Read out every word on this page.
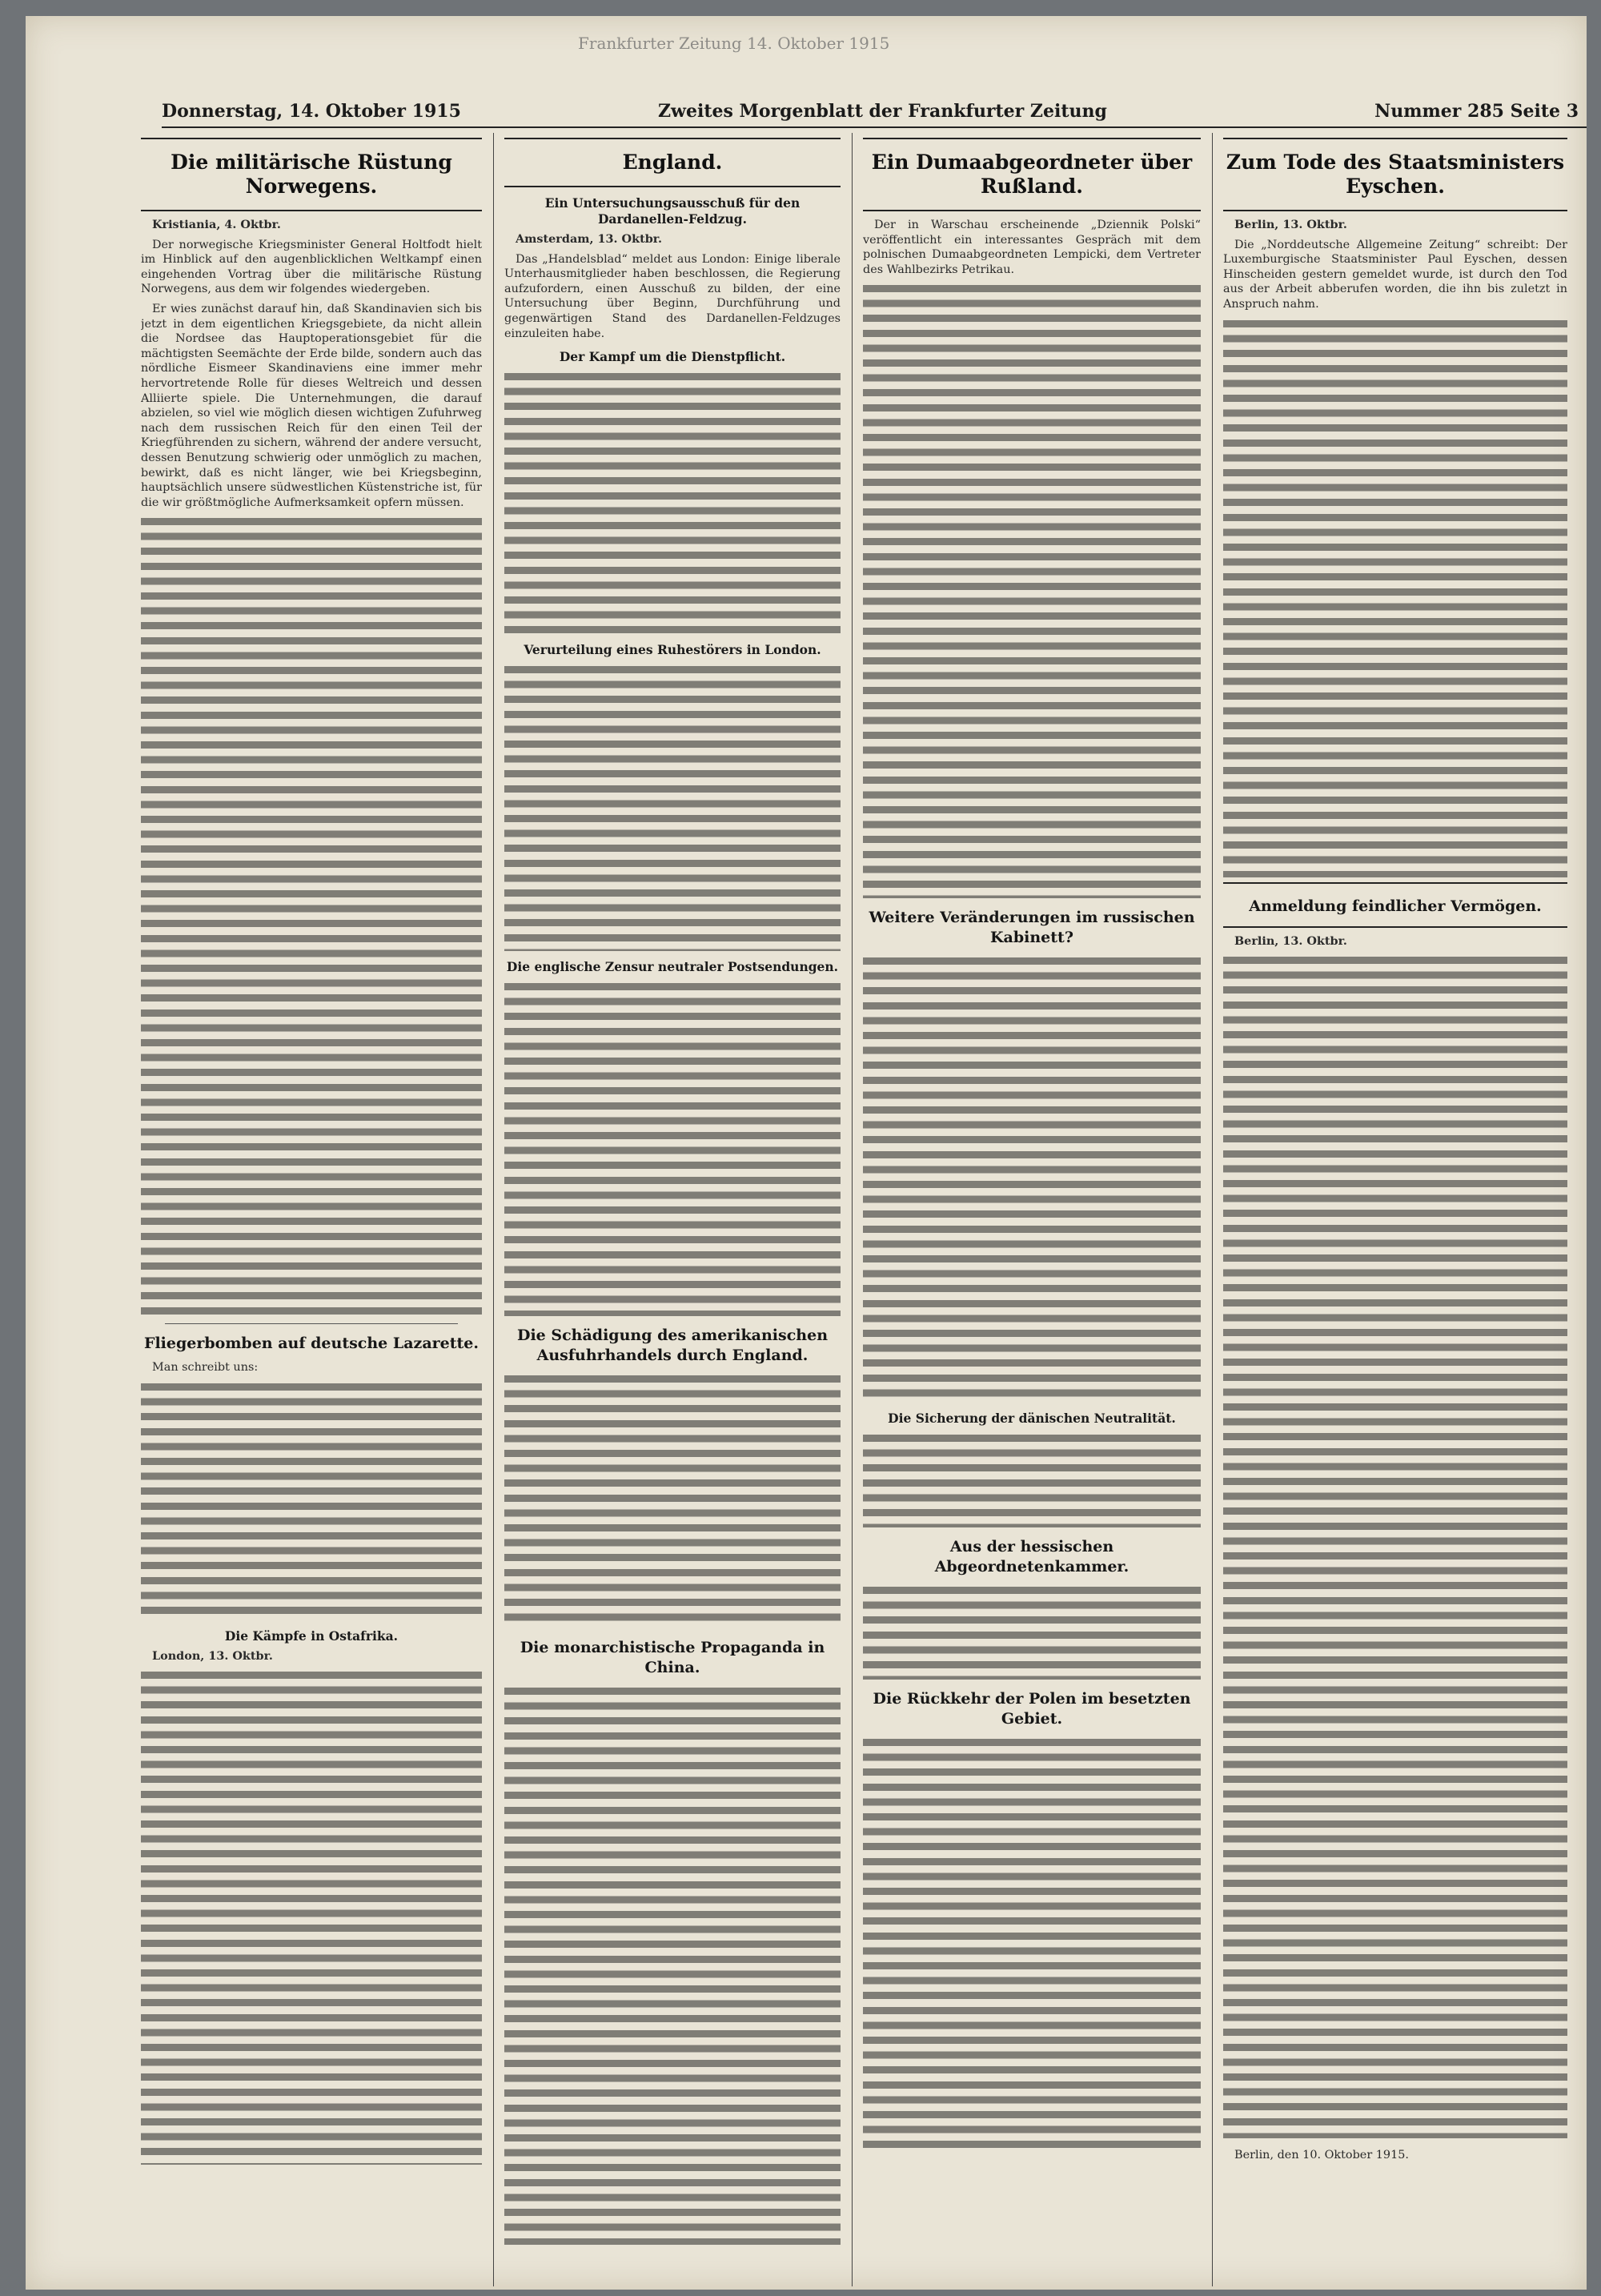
Frankfurter Zeitung 14. Oktober 1915
Donnerstag, 14. Oktober 1915	Zweites Morgenblatt der Frankfurter Zeitung	Nummer 285 Seite 3
Die militärische Rüstung Norwegens.

Kristiania, 4. Oktbr.

Der norwegische Kriegsminister General Holtfodt hielt im Hinblick auf den augenblicklichen Weltkampf einen eingehenden Vortrag über die militärische Rüstung Norwegens, aus dem wir folgendes wiedergeben.

Er wies zunächst darauf hin, daß Skandinavien sich bis jetzt in dem eigentlichen Kriegsgebiete, da nicht allein die Nordsee das Hauptoperationsgebiet für die mächtigsten Seemächte der Erde bilde, sondern auch das nördliche Eismeer Skandinaviens eine immer mehr hervortretende Rolle für dieses Weltreich und dessen Alliierte spiele. Die Unternehmungen, die darauf abzielen, so viel wie möglich diesen wichtigen Zufuhrweg nach dem russischen Reich für den einen Teil der Kriegführenden zu sichern, während der andere versucht, dessen Benutzung schwierig oder unmöglich zu machen, bewirkt, daß es nicht länger, wie bei Kriegsbeginn, hauptsächlich unsere südwestlichen Küstenstriche ist, für die wir größtmögliche Aufmerksamkeit opfern müssen.

Fliegerbomben auf deutsche Lazarette.

Man schreibt uns:

Die Kämpfe in Ostafrika.

London, 13. Oktbr.

England.
Ein Untersuchungsausschuß für den Dardanellen-Feldzug.

Amsterdam, 13. Oktbr.

Das „Handelsblad“ meldet aus London: Einige liberale Unterhausmitglieder haben beschlossen, die Regierung aufzufordern, einen Ausschuß zu bilden, der eine Untersuchung über Beginn, Durchführung und gegenwärtigen Stand des Dardanellen-Feldzuges einzuleiten habe.

Der Kampf um die Dienstpflicht.
Verurteilung eines Ruhestörers in London.
Die englische Zensur neutraler Postsendungen.
Die Schädigung des amerikanischen Ausfuhrhandels durch England.
Die monarchistische Propaganda in China.
Ein Dumaabgeordneter über Rußland.

Der in Warschau erscheinende „Dziennik Polski“ veröffentlicht ein interessantes Gespräch mit dem polnischen Dumaabgeordneten Lempicki, dem Vertreter des Wahlbezirks Petrikau.

Weitere Veränderungen im russischen Kabinett?
Die Sicherung der dänischen Neutralität.
Aus der hessischen Abgeordnetenkammer.
Die Rückkehr der Polen im besetzten Gebiet.
Zum Tode des Staatsministers Eyschen.

Berlin, 13. Oktbr.

Die „Norddeutsche Allgemeine Zeitung“ schreibt: Der Luxemburgische Staatsminister Paul Eyschen, dessen Hinscheiden gestern gemeldet wurde, ist durch den Tod aus der Arbeit abberufen worden, die ihn bis zuletzt in Anspruch nahm.

Anmeldung feindlicher Vermögen.

Berlin, 13. Oktbr.

Berlin, den 10. Oktober 1915.
